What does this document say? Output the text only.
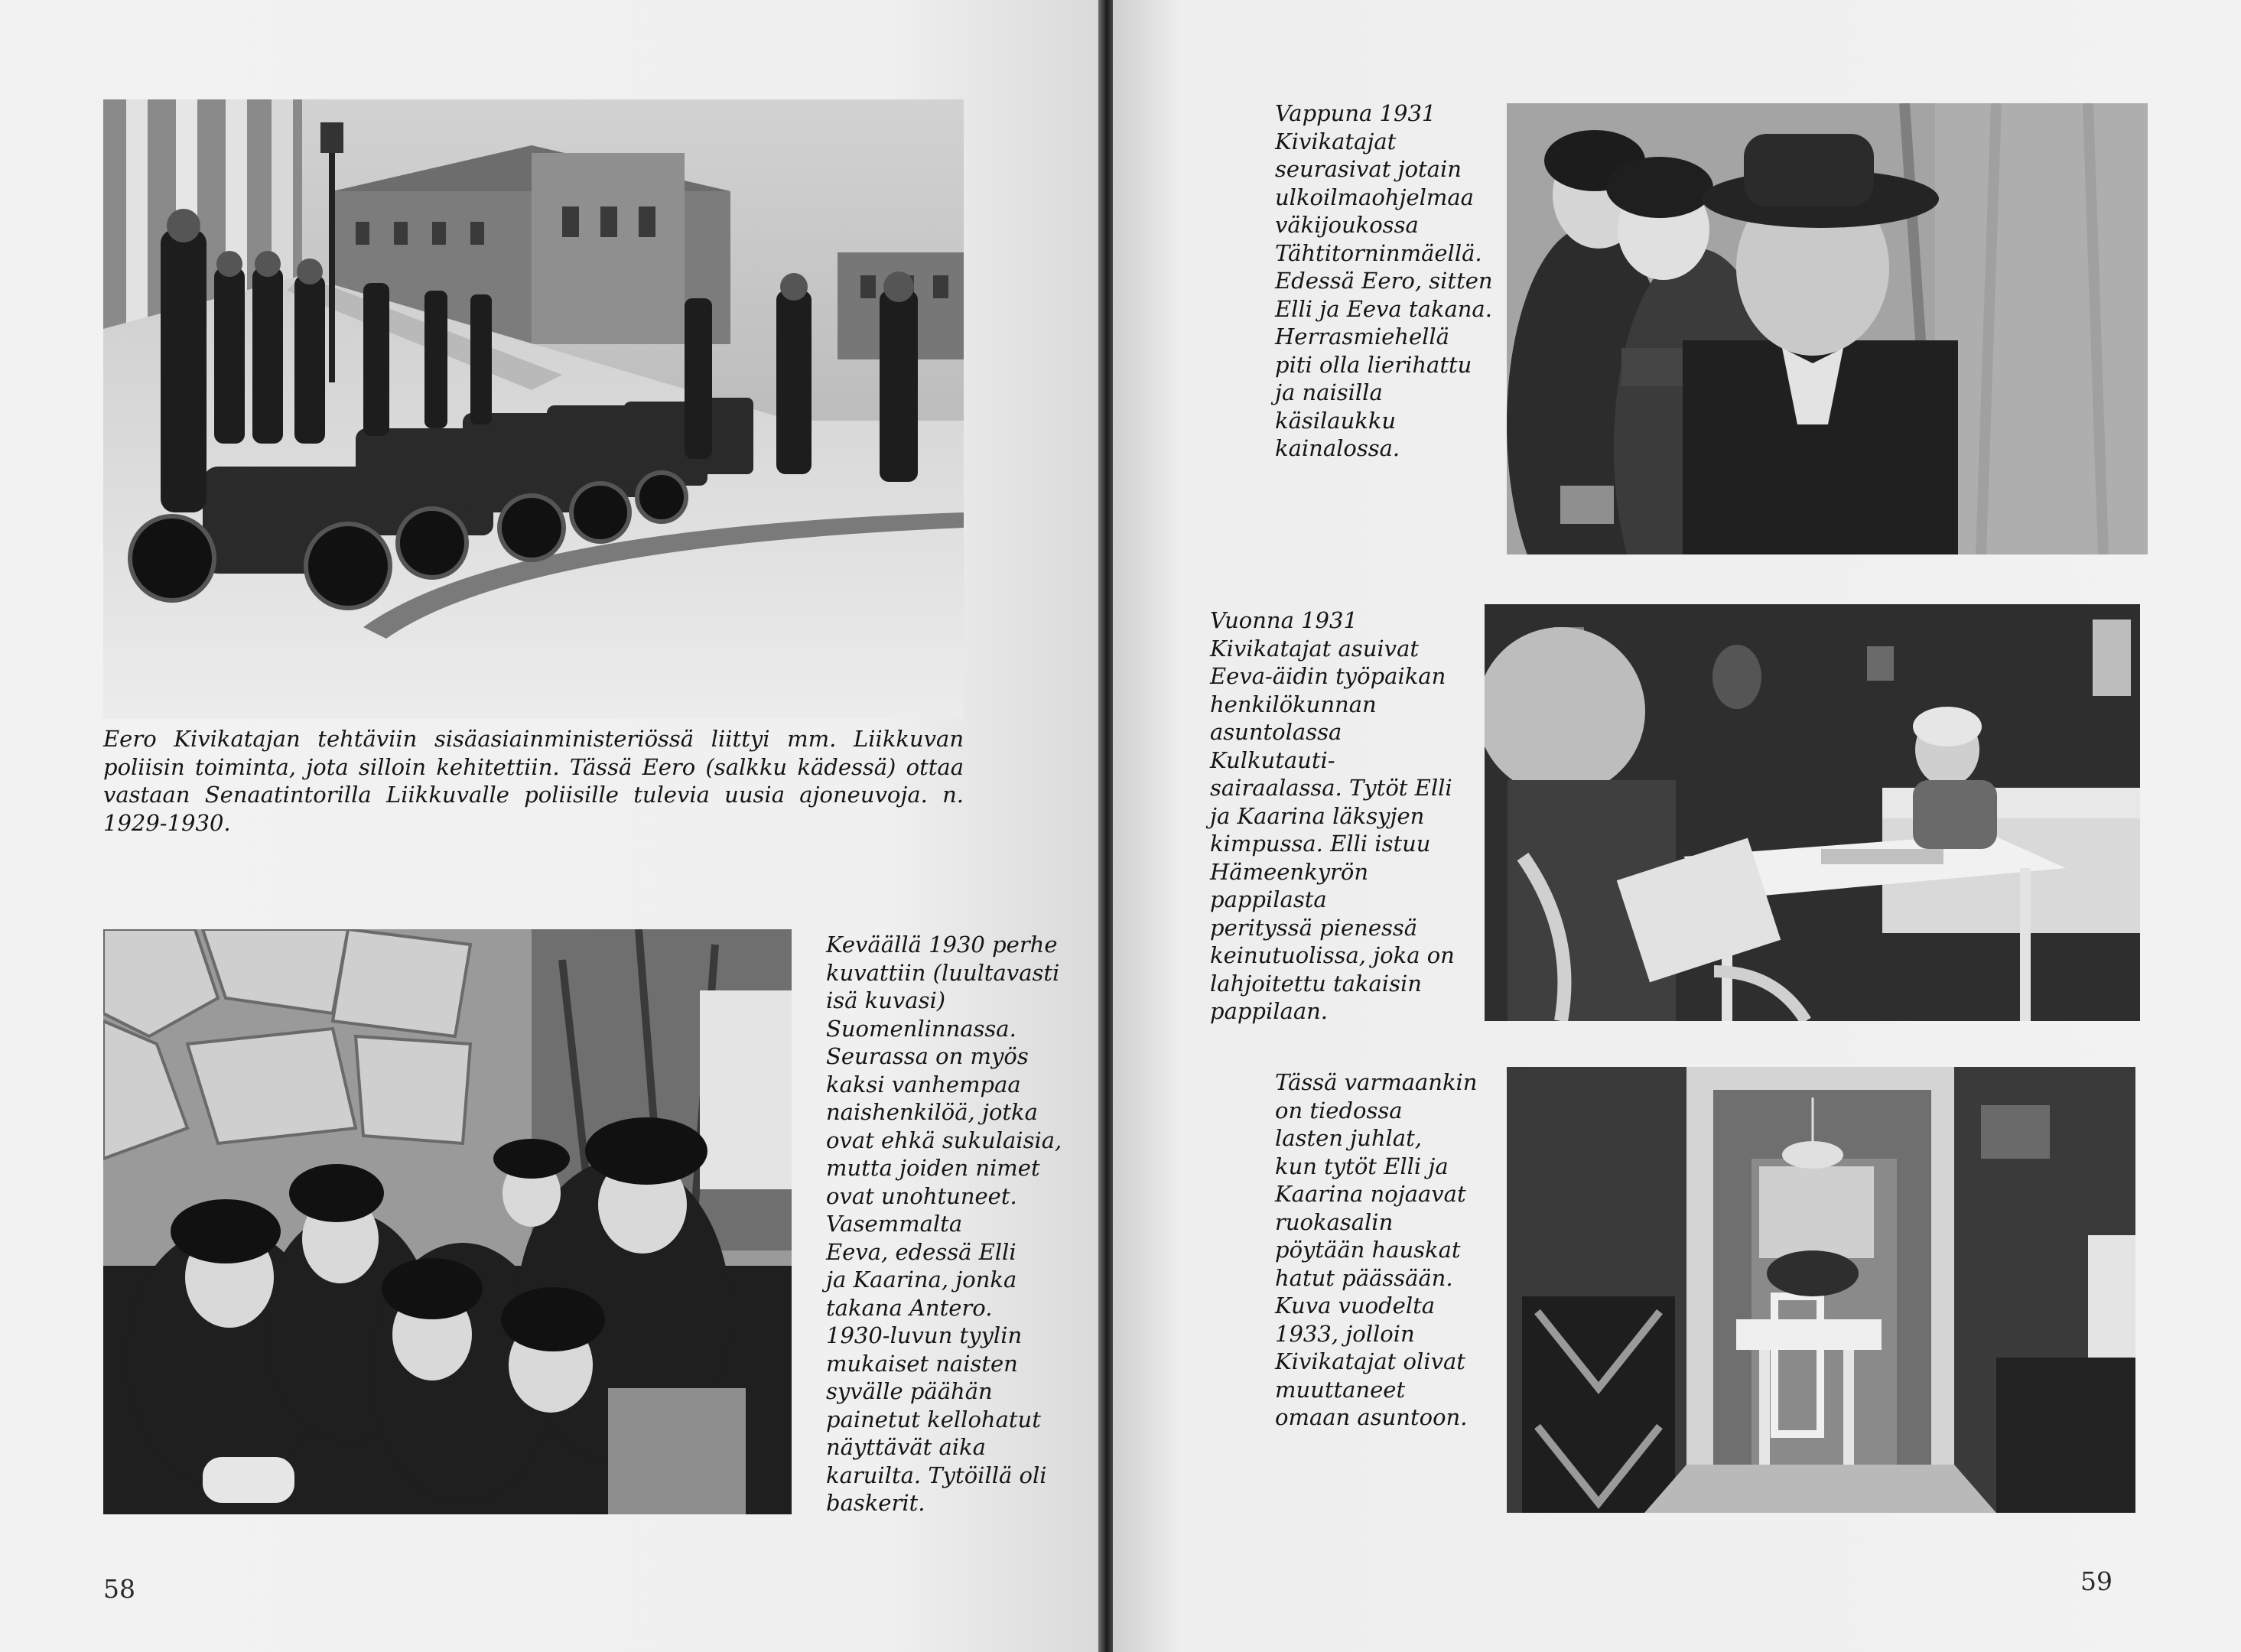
Eero Kivikatajan tehtäviin sisäasiainministeriössä liittyi mm. Liikkuvan poliisin toiminta, jota silloin kehitettiin. Tässä Eero (salkku kädessä) ottaa vastaan Senaatintorilla Liikkuvalle poliisille tulevia uusia ajoneuvoja. n. 1929-1930.

Keväällä 1930 perhe
kuvattiin (luultavasti
isä kuvasi)
Suomenlinnassa.
Seurassa on myös
kaksi vanhempaa
naishenkilöä, jotka
ovat ehkä sukulaisia,
mutta joiden nimet
ovat unohtuneet.
Vasemmalta
Eeva, edessä Elli
ja Kaarina, jonka
takana Antero.
1930-luvun tyylin
mukaiset naisten
syvälle päähän
painetut kellohatut
näyttävät aika
karuilta. Tytöillä oli
baskerit.
58
Vappuna 1931
Kivikatajat
seurasivat jotain
ulkoilmaohjelmaa
väkijoukossa
Tähtitorninmäellä.
Edessä Eero, sitten
Elli ja Eeva takana.
Herrasmiehellä
piti olla lierihattu
ja naisilla
käsilaukku
kainalossa.
Vuonna 1931
Kivikatajat asuivat
Eeva-äidin työpaikan
henkilökunnan
asuntolassa
Kulkutauti-
sairaalassa. Tytöt Elli
ja Kaarina läksyjen
kimpussa. Elli istuu
Hämeenkyrön
pappilasta
perityssä pienessä
keinutuolissa, joka on
lahjoitettu takaisin
pappilaan.
Tässä varmaankin
on tiedossa
lasten juhlat,
kun tytöt Elli ja
Kaarina nojaavat
ruokasalin
pöytään hauskat
hatut päässään.
Kuva vuodelta
1933, jolloin
Kivikatajat olivat
muuttaneet
omaan asuntoon.
59
